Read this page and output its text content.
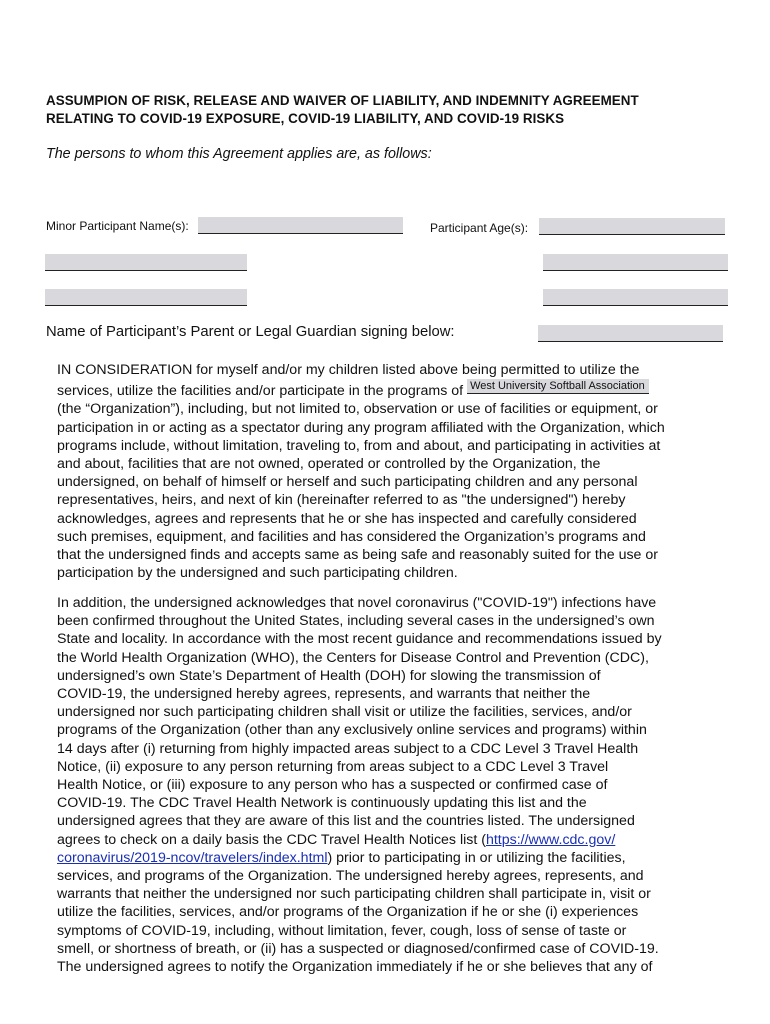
ASSUMPION OF RISK, RELEASE AND WAIVER OF LIABILITY, AND INDEMNITY AGREEMENT
RELATING TO COVID-19 EXPOSURE, COVID-19 LIABILITY, AND COVID-19 RISKS
The persons to whom this Agreement applies are, as follows:
Minor Participant Name(s):	Participant Age(s):
Name of Participant’s Parent or Legal Guardian signing below:

IN CONSIDERATION for myself and/or my children listed above being permitted to utilize the

services, utilize the facilities and/or participate in the programs of West University Softball Association

(the “Organization”), including, but not limited to, observation or use of facilities or equipment, or

participation in or acting as a spectator during any program affiliated with the Organization, which

programs include, without limitation, traveling to, from and about, and participating in activities at

and about, facilities that are not owned, operated or controlled by the Organization, the

undersigned, on behalf of himself or herself and such participating children and any personal

representatives, heirs, and next of kin (hereinafter referred to as "the undersigned") hereby

acknowledges, agrees and represents that he or she has inspected and carefully considered

such premises, equipment, and facilities and has considered the Organization’s programs and

that the undersigned finds and accepts same as being safe and reasonably suited for the use or

participation by the undersigned and such participating children.

In addition, the undersigned acknowledges that novel coronavirus ("COVID-19") infections have

been confirmed throughout the United States, including several cases in the undersigned’s own

State and locality. In accordance with the most recent guidance and recommendations issued by

the World Health Organization (WHO), the Centers for Disease Control and Prevention (CDC),

undersigned’s own State’s Department of Health (DOH) for slowing the transmission of

COVID-19, the undersigned hereby agrees, represents, and warrants that neither the

undersigned nor such participating children shall visit or utilize the facilities, services, and/or

programs of the Organization (other than any exclusively online services and programs) within

14 days after (i) returning from highly impacted areas subject to a CDC Level 3 Travel Health

Notice, (ii) exposure to any person returning from areas subject to a CDC Level 3 Travel

Health Notice, or (iii) exposure to any person who has a suspected or confirmed case of

COVID-19. The CDC Travel Health Network is continuously updating this list and the

undersigned agrees that they are aware of this list and the countries listed. The undersigned

agrees to check on a daily basis the CDC Travel Health Notices list (https://www.cdc.gov/

coronavirus/2019-ncov/travelers/index.html) prior to participating in or utilizing the facilities,

services, and programs of the Organization. The undersigned hereby agrees, represents, and

warrants that neither the undersigned nor such participating children shall participate in, visit or

utilize the facilities, services, and/or programs of the Organization if he or she (i) experiences

symptoms of COVID-19, including, without limitation, fever, cough, loss of sense of taste or

smell, or shortness of breath, or (ii) has a suspected or diagnosed/confirmed case of COVID-19.

The undersigned agrees to notify the Organization immediately if he or she believes that any of
